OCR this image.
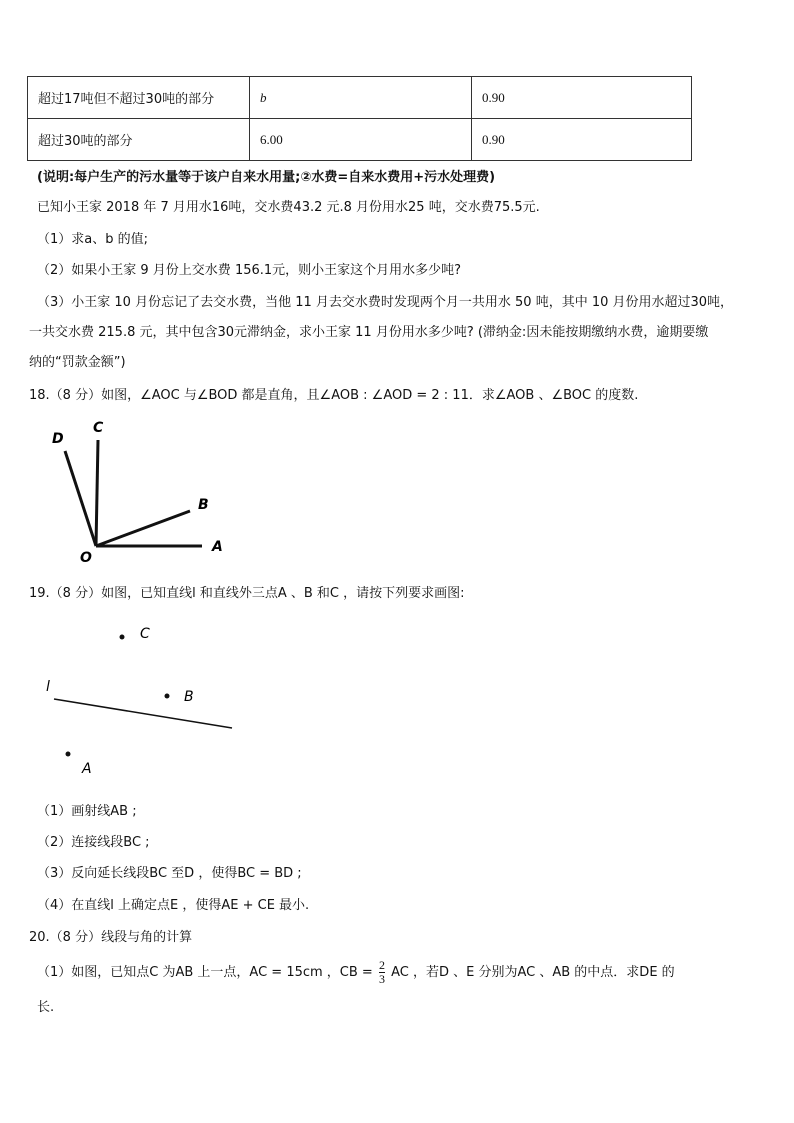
超过17吨但不超过30吨的部分	b	0.90
超过30吨的部分	6.00	0.90
(说明:每户生产的污水量等于该户自来水用量;②水费=自来水费用+污水处理费)
已知小王家 2018 年 7 月用水16吨，交水费43.2 元.8 月份用水25 吨，交水费75.5元.
（1）求a、b 的值;
（2）如果小王家 9 月份上交水费 156.1元，则小王家这个月用水多少吨?
（3）小王家 10 月份忘记了去交水费，当他 11 月去交水费时发现两个月一共用水 50 吨，其中 10 月份用水超过30吨，
一共交水费 215.8 元，其中包含30元滞纳金，求小王家 11 月份用水多少吨? (滞纳金:因未能按期缴纳水费，逾期要缴
纳的“罚款金额”)
18.（8 分）如图，∠AOC 与∠BOD 都是直角，且∠AOB : ∠AOD = 2 : 11．求∠AOB 、∠BOC 的度数.
D
C
B
O
A
19.（8 分）如图，已知直线l 和直线外三点A 、B 和C ，请按下列要求画图:
C
l
B
A
（1）画射线AB ;
（2）连接线段BC ;
（3）反向延长线段BC 至D ，使得BC = BD ;
（4）在直线l 上确定点E ，使得AE + CE 最小.
20.（8 分）线段与角的计算
（1）如图，已知点C 为AB 上一点，AC = 15cm ，CB = $\frac{2}{3}$ AC ，若D 、E 分别为AC 、AB 的中点．求DE 的
长.
